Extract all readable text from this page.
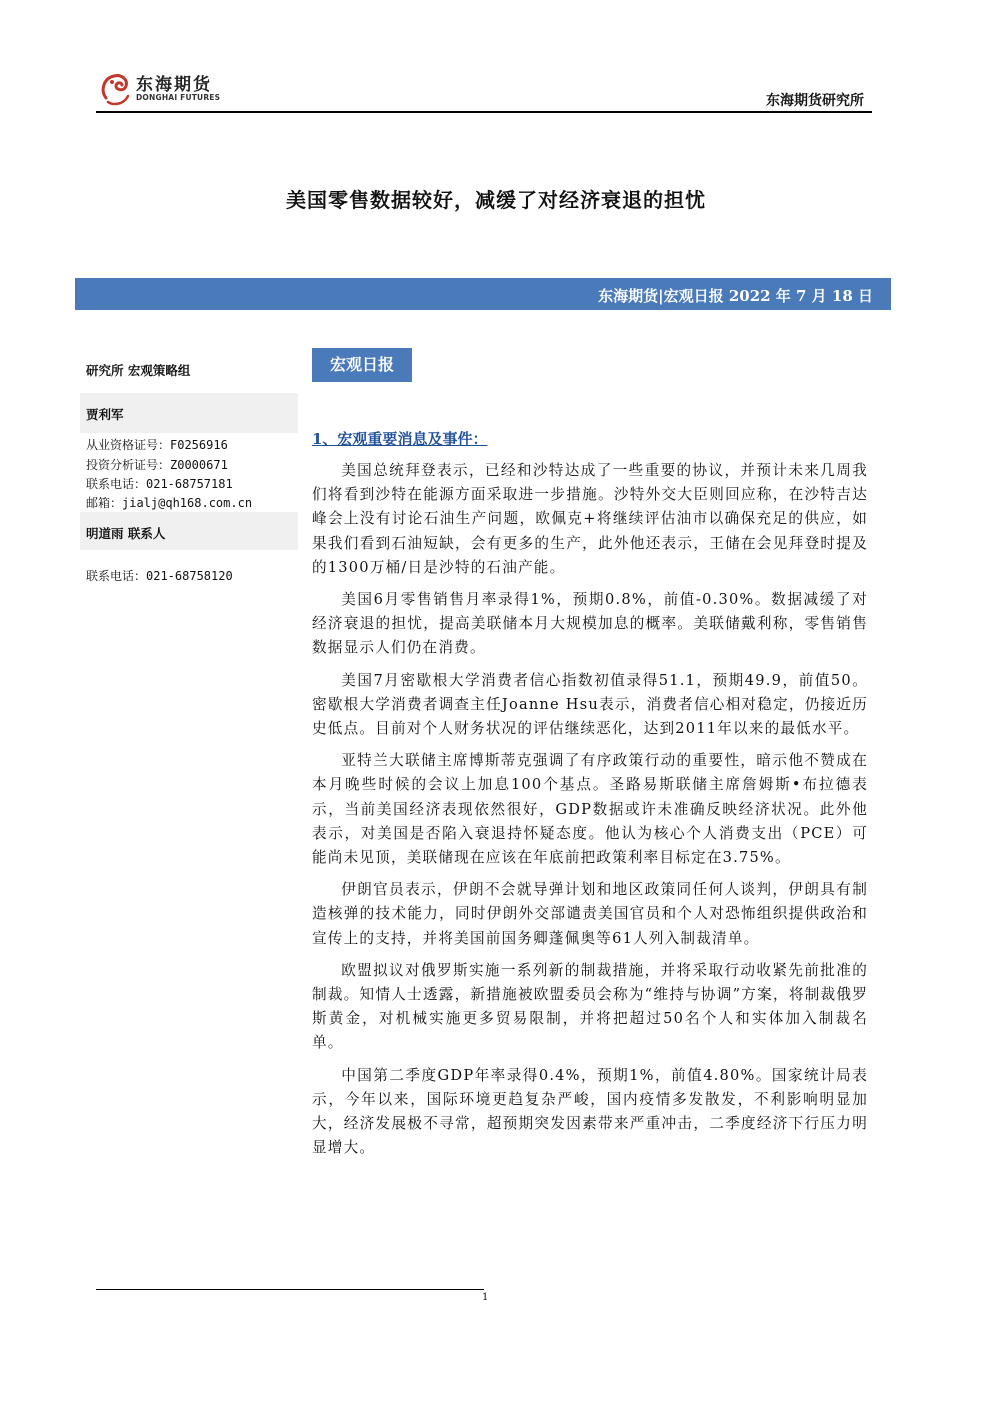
东海期货
DONGHAI FUTURES	东海期货研究所
美国零售数据较好，减缓了对经济衰退的担忧
东海期货|宏观日报 2022 年 7 月 18 日
研究所 宏观策略组
贾利军
从业资格证号：F0256916
投资分析证号：Z0000671
联系电话：021-68757181
邮箱：jialj@qh168.com.cn
明道雨 联系人
联系电话：021-68758120
宏观日报
1、宏观重要消息及事件：

美国总统拜登表示，已经和沙特达成了一些重要的协议，并预计未来几周我们将看到沙特在能源方面采取进一步措施。沙特外交大臣则回应称，在沙特吉达峰会上没有讨论石油生产问题，欧佩克+将继续评估油市以确保充足的供应，如果我们看到石油短缺，会有更多的生产，此外他还表示，王储在会见拜登时提及的1300万桶/日是沙特的石油产能。

美国6月零售销售月率录得1%，预期0.8%，前值-0.30%。数据减缓了对经济衰退的担忧，提高美联储本月大规模加息的概率。美联储戴利称，零售销售数据显示人们仍在消费。

美国7月密歇根大学消费者信心指数初值录得51.1，预期49.9，前值50。密歇根大学消费者调查主任Joanne Hsu表示，消费者信心相对稳定，仍接近历史低点。目前对个人财务状况的评估继续恶化，达到2011年以来的最低水平。

亚特兰大联储主席博斯蒂克强调了有序政策行动的重要性，暗示他不赞成在本月晚些时候的会议上加息100个基点。圣路易斯联储主席詹姆斯•布拉德表示，当前美国经济表现依然很好，GDP数据或许未准确反映经济状况。此外他表示，对美国是否陷入衰退持怀疑态度。他认为核心个人消费支出（PCE）可能尚未见顶，美联储现在应该在年底前把政策利率目标定在3.75%。

伊朗官员表示，伊朗不会就导弹计划和地区政策同任何人谈判，伊朗具有制造核弹的技术能力，同时伊朗外交部谴责美国官员和个人对恐怖组织提供政治和宣传上的支持，并将美国前国务卿蓬佩奥等61人列入制裁清单。

欧盟拟议对俄罗斯实施一系列新的制裁措施，并将采取行动收紧先前批准的制裁。知情人士透露，新措施被欧盟委员会称为“维持与协调”方案，将制裁俄罗斯黄金，对机械实施更多贸易限制，并将把超过50名个人和实体加入制裁名单。

中国第二季度GDP年率录得0.4%，预期1%，前值4.80%。国家统计局表示，今年以来，国际环境更趋复杂严峻，国内疫情多发散发，不利影响明显加大，经济发展极不寻常，超预期突发因素带来严重冲击，二季度经济下行压力明显增大。

1
